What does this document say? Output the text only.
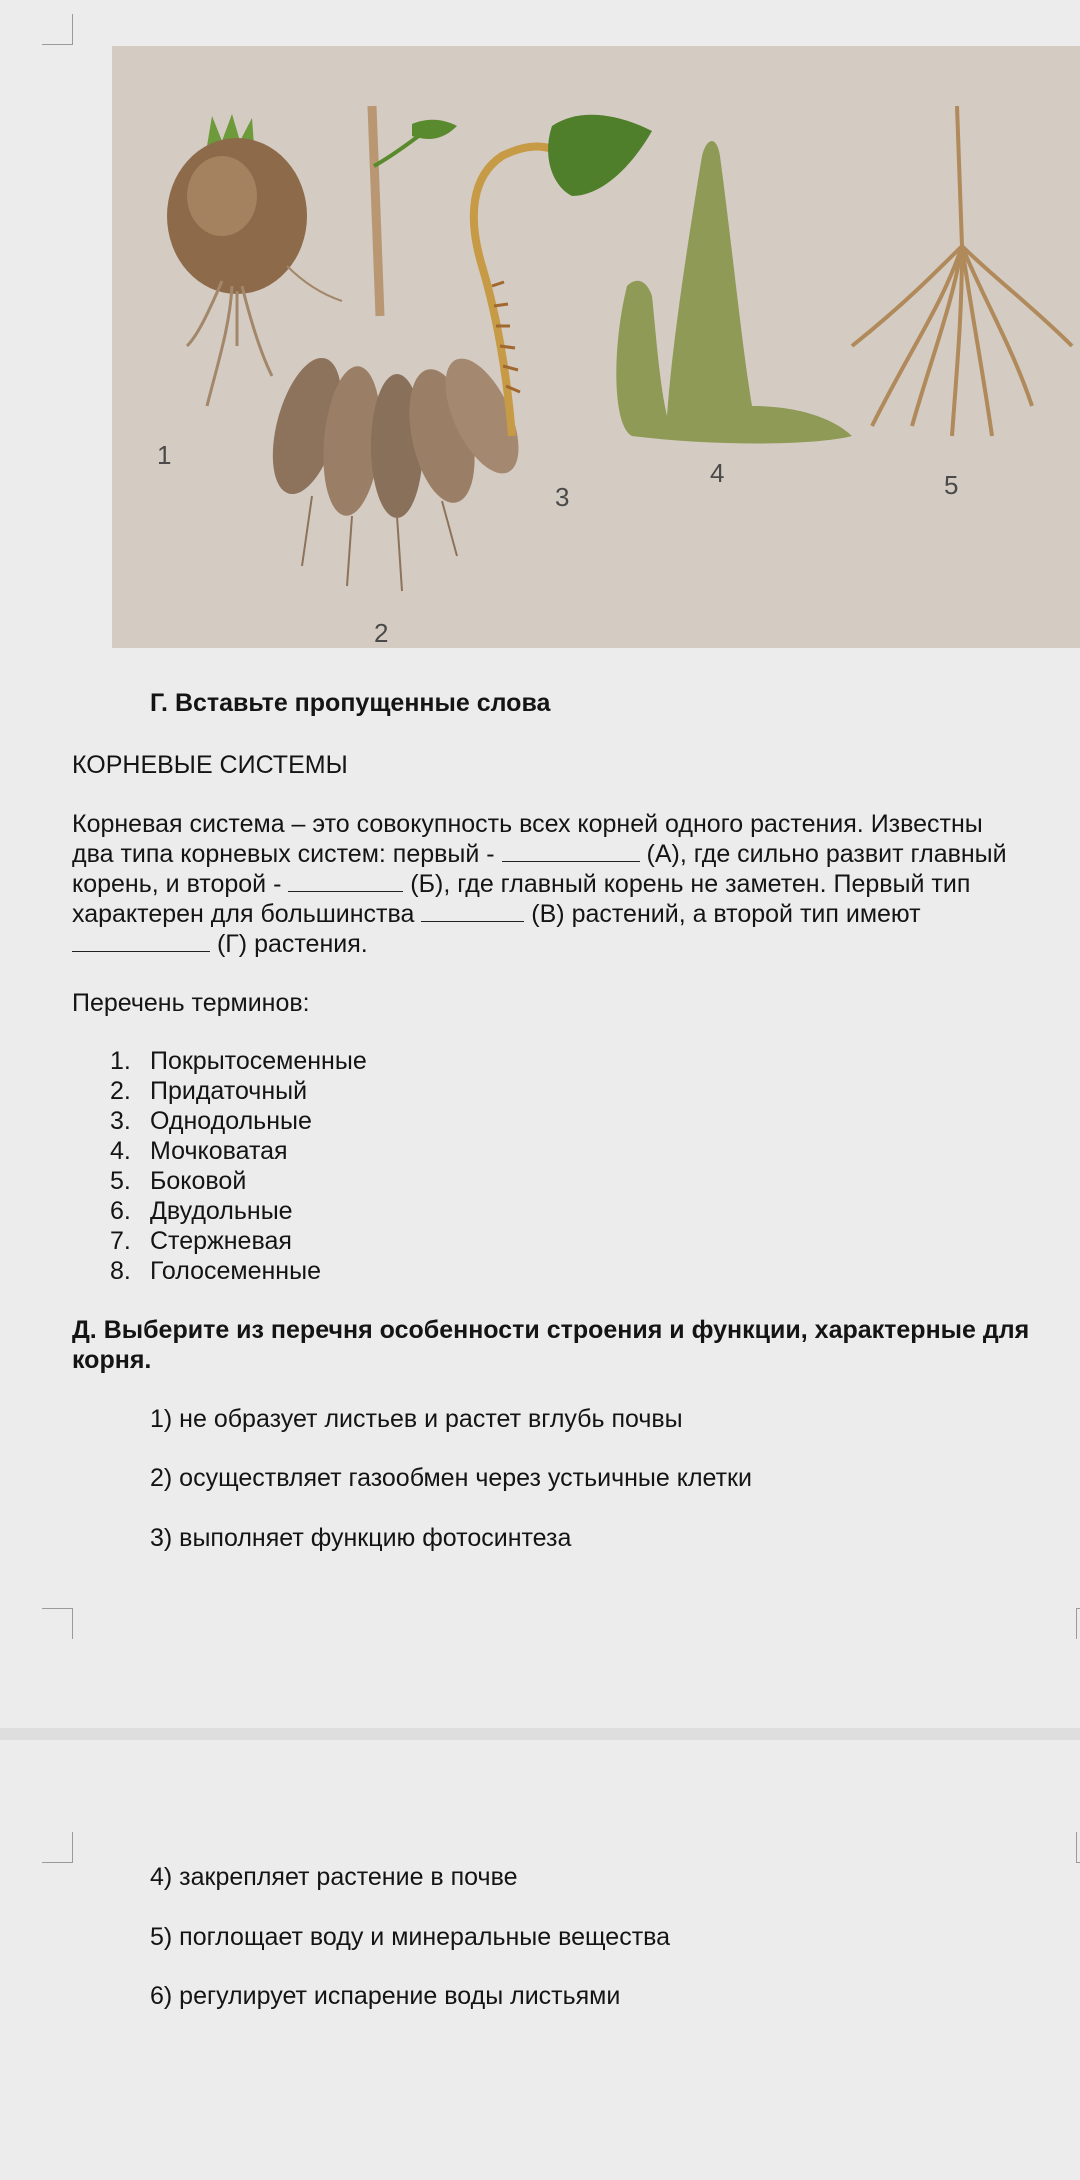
1
2
3
4	5

Г. Вставьте пропущенные слова

КОРНЕВЫЕ СИСТЕМЫ

Корневая система – это совокупность всех корней одного растения. Известны
два типа корневых систем: первый -	(А), где сильно развит главный
корень, и второй -	(Б), где главный корень не заметен. Первый тип
характерен для большинства	(В) растений, а второй тип имеют
(Г) растения.

Перечень терминов:

1. Покрытосеменные
2. Придаточный
3. Однодольные
4. Мочковатая
5. Боковой
6. Двудольные
7. Стержневая
8. Голосеменные

Д. Выберите из перечня особенности строения и функции, характерные для

корня.

1) не образует листьев и растет вглубь почвы

2) осуществляет газообмен через устьичные клетки

3) выполняет функцию фотосинтеза

4) закрепляет растение в почве

5) поглощает воду и минеральные вещества

6) регулирует испарение воды листьями
